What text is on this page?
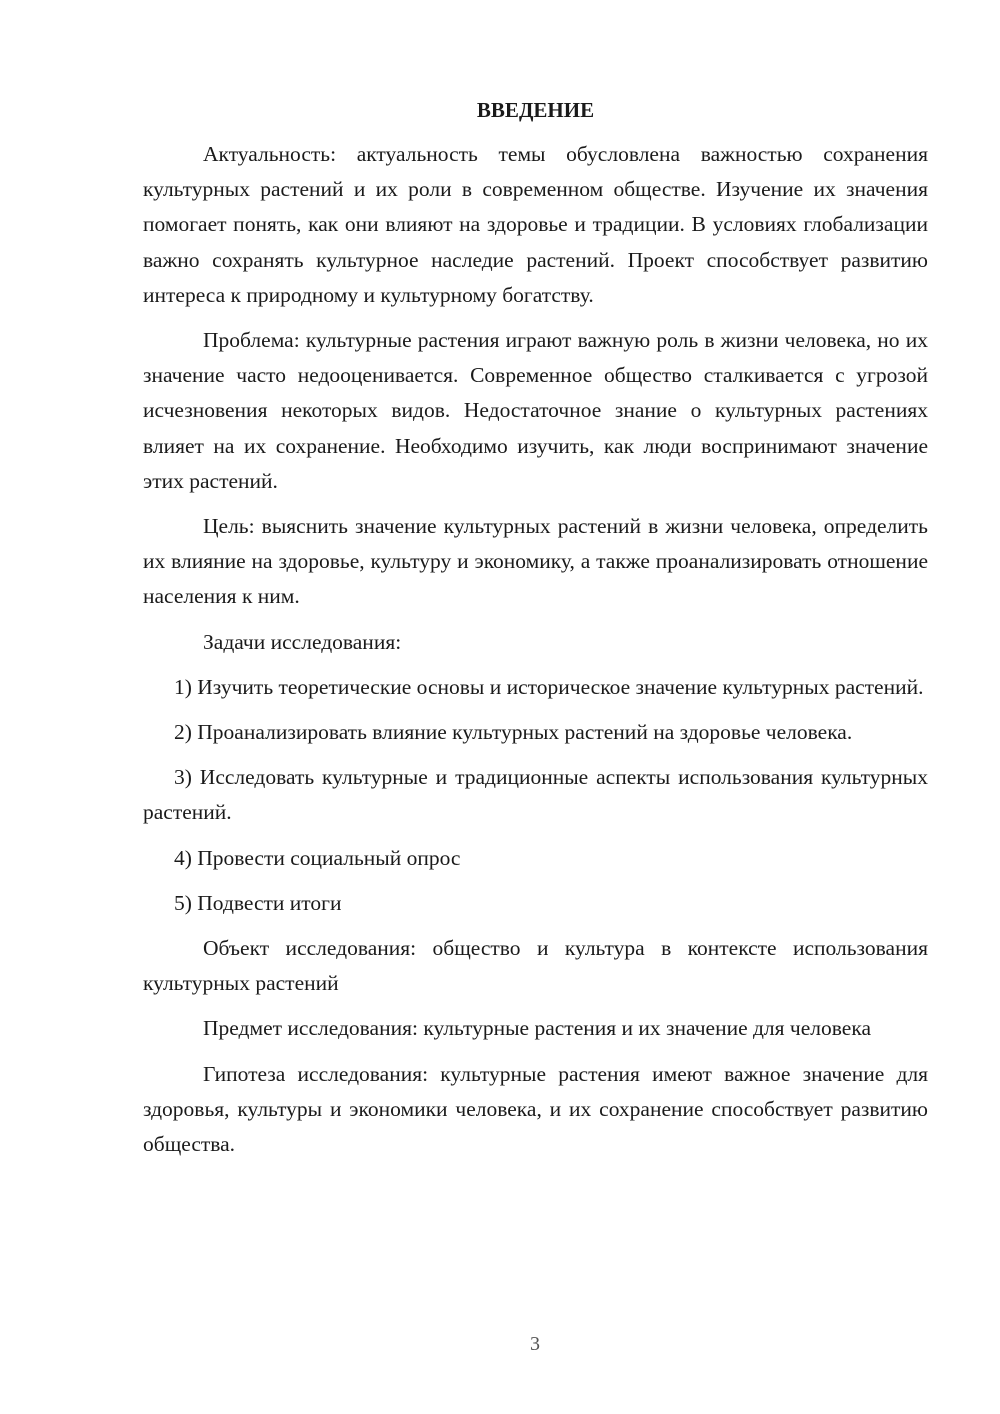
ВВЕДЕНИЕ

Актуальность: актуальность темы обусловлена важностью сохранения культурных растений и их роли в современном обществе. Изучение их значения помогает понять, как они влияют на здоровье и традиции. В условиях глобализации важно сохранять культурное наследие растений. Проект способствует развитию интереса к природному и культурному богатству.

Проблема: культурные растения играют важную роль в жизни человека, но их значение часто недооценивается. Современное общество сталкивается с угрозой исчезновения некоторых видов. Недостаточное знание о культурных растениях влияет на их сохранение. Необходимо изучить, как люди воспринимают значение этих растений.

Цель: выяснить значение культурных растений в жизни человека, определить их влияние на здоровье, культуру и экономику, а также проанализировать отношение населения к ним.

Задачи исследования:

1) Изучить теоретические основы и историческое значение культурных растений.

2) Проанализировать влияние культурных растений на здоровье человека.

3) Исследовать культурные и традиционные аспекты использования культурных растений.

4) Провести социальный опрос

5) Подвести итоги

Объект исследования: общество и культура в контексте использования культурных растений

Предмет исследования: культурные растения и их значение для человека

Гипотеза исследования: культурные растения имеют важное значение для здоровья, культуры и экономики человека, и их сохранение способствует развитию общества.

3
